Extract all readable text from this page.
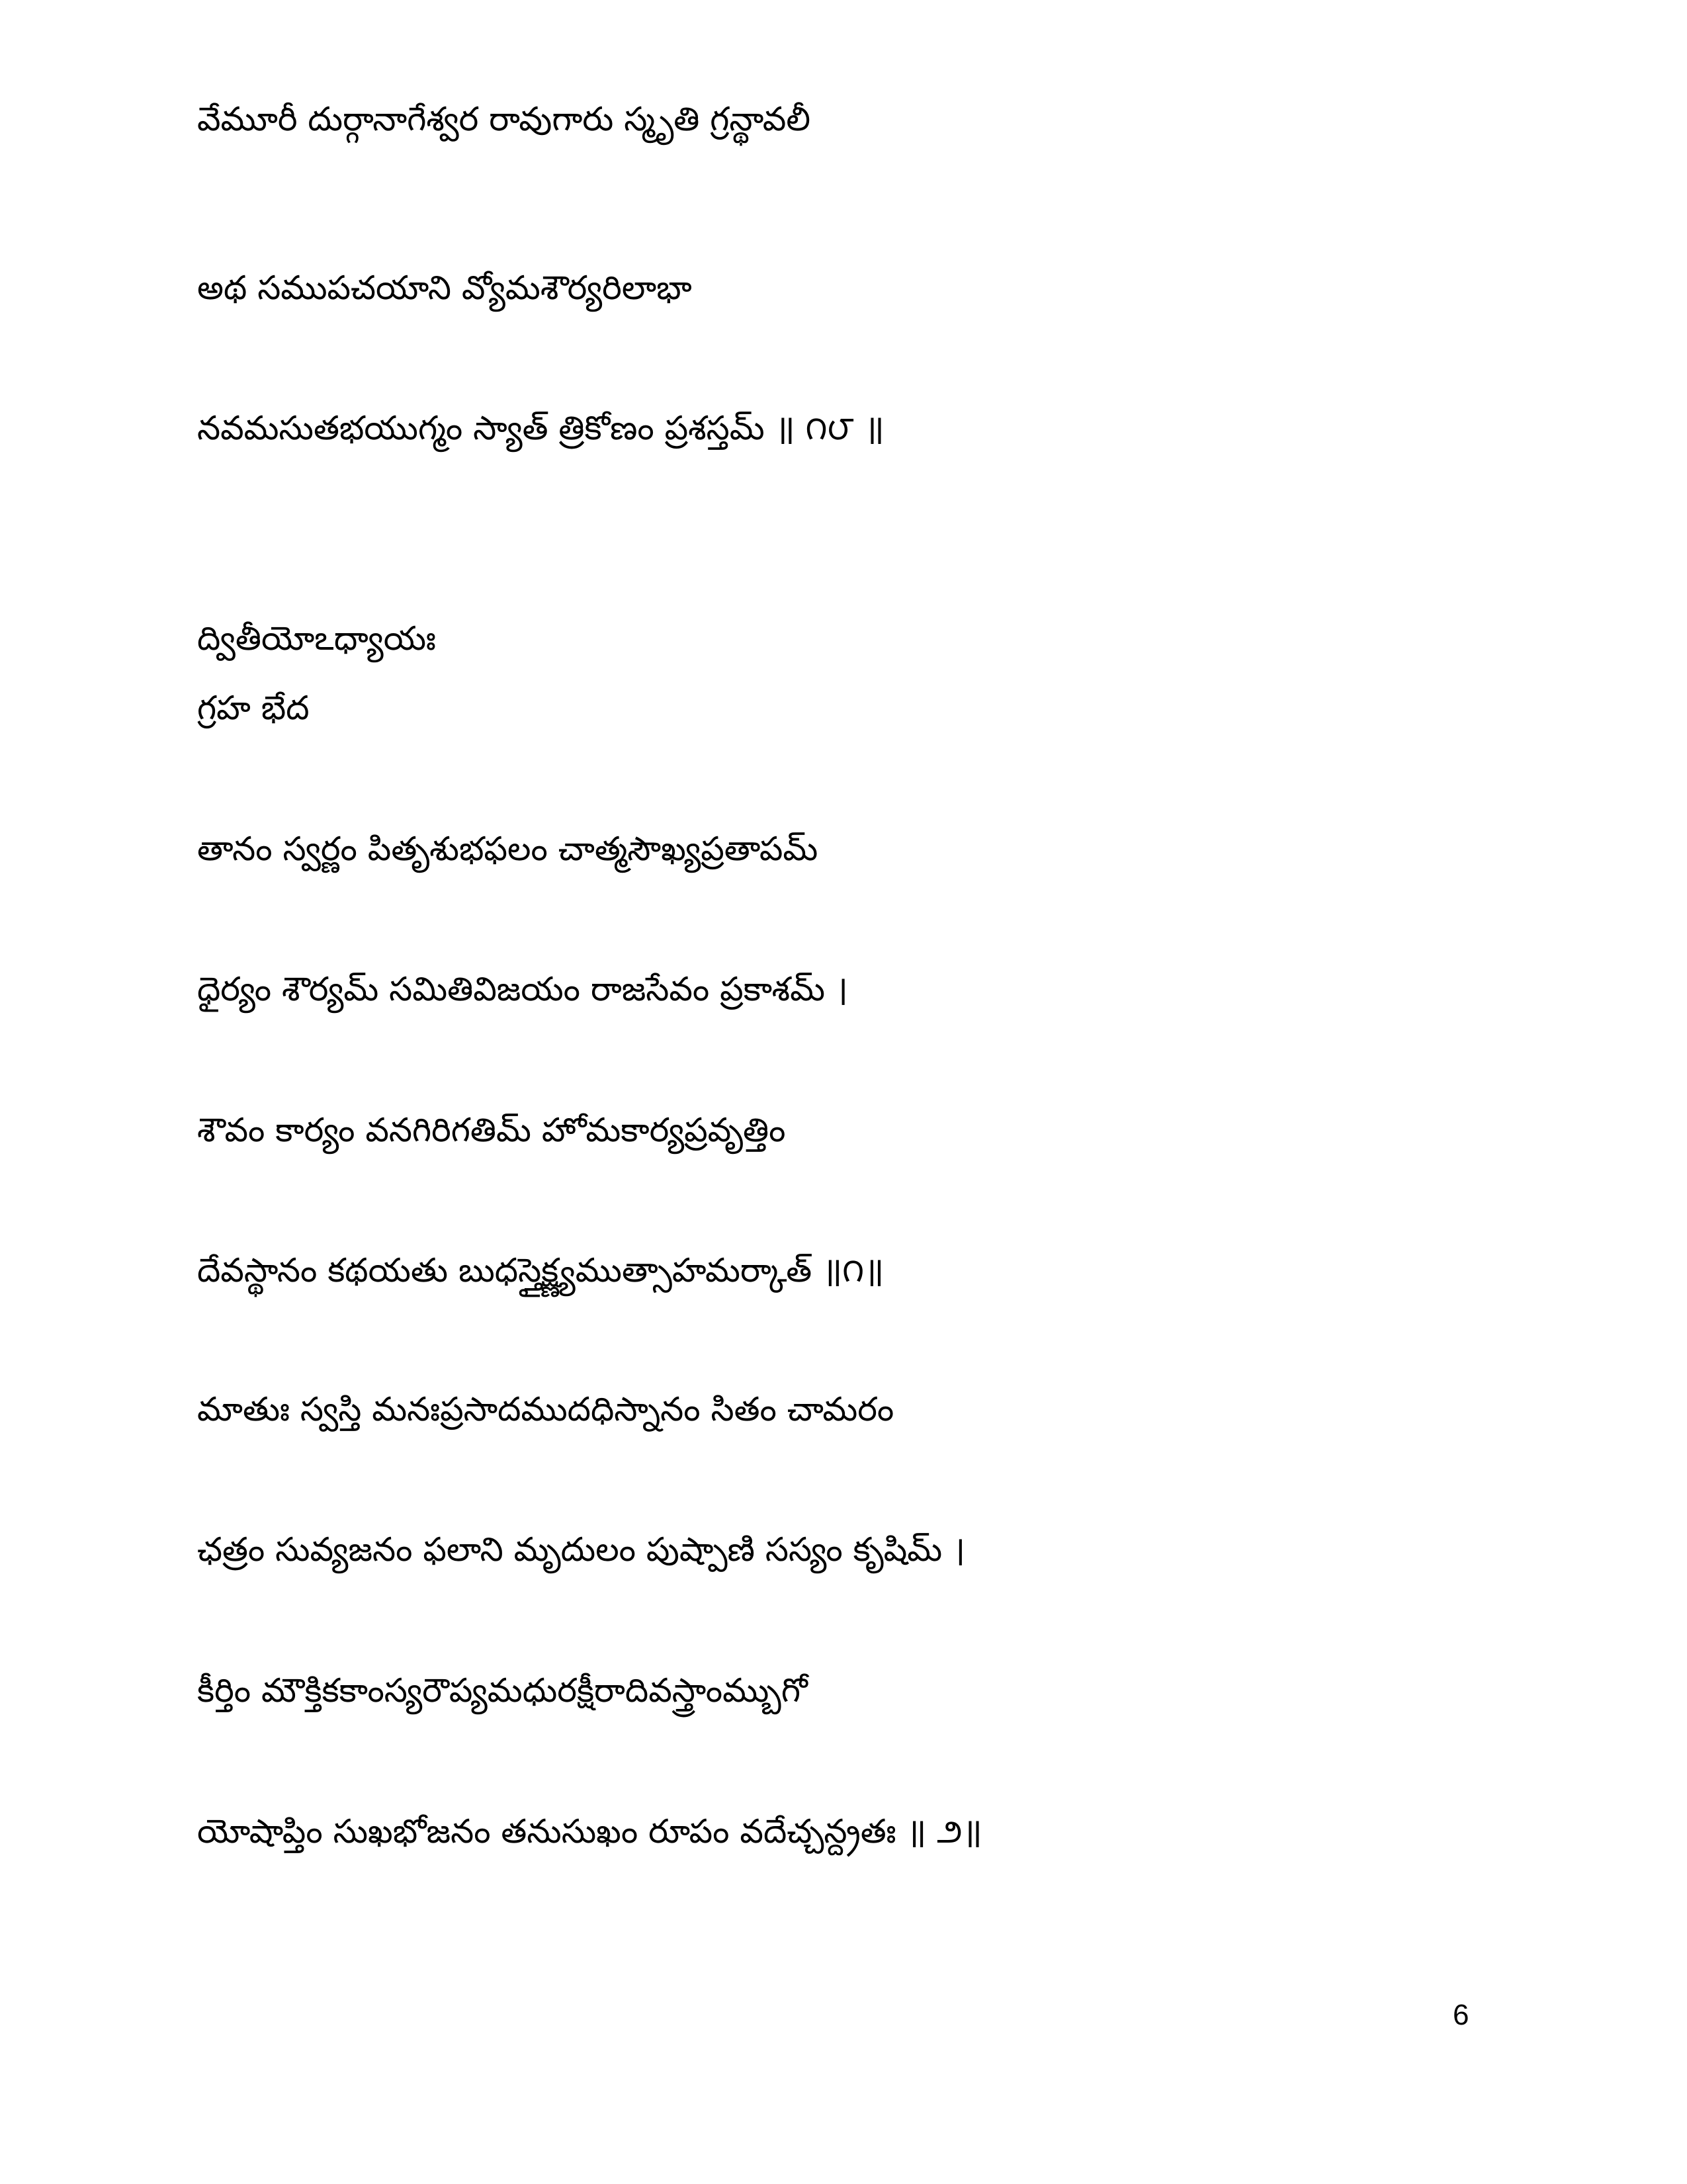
వేమూరీ దుర్గానాగేశ్వర రావుగారు స్మృతి గ్రన్థావలీ

అథ సముపచయాని వ్యోమశౌర్యరిలాభా

నవమసుతభయుగ్మం స్యాత్ త్రికోణం ప్రశస్తమ్ ॥ ౧౮ ॥

ద్వితీయోఽధ్యాయః
గ్రహ భేద

తానం స్వర్ణం పితృశుభఫలం చాత్మసౌఖ్యప్రతాపమ్

ధైర్యం శౌర్యమ్ సమితివిజయం రాజసేవం ప్రకాశమ్ ।

శౌవం కార్యం వనగిరిగతిమ్ హోమకార్యప్రవృత్తిం

దేవస్థానం కథయతు బుధస్తైక్ష్ణ్యముత్సాహమర్కాత్ ॥౧॥

మాతుః స్వస్తి మనఃప్రసాదముదధిస్నానం సితం చామరం

ఛత్రం సువ్యజనం ఫలాని మృదులం పుష్పాణి సస్యం కృషిమ్ ।

కీర్తిం మౌక్తికకాంస్యరౌప్యమధురక్షీరాదివస్త్రాంమ్బుగో

యోషాప్తిం సుఖభోజనం తనుసుఖం రూపం వదేచ్చన్ద్రతః ॥ ౨॥

6
